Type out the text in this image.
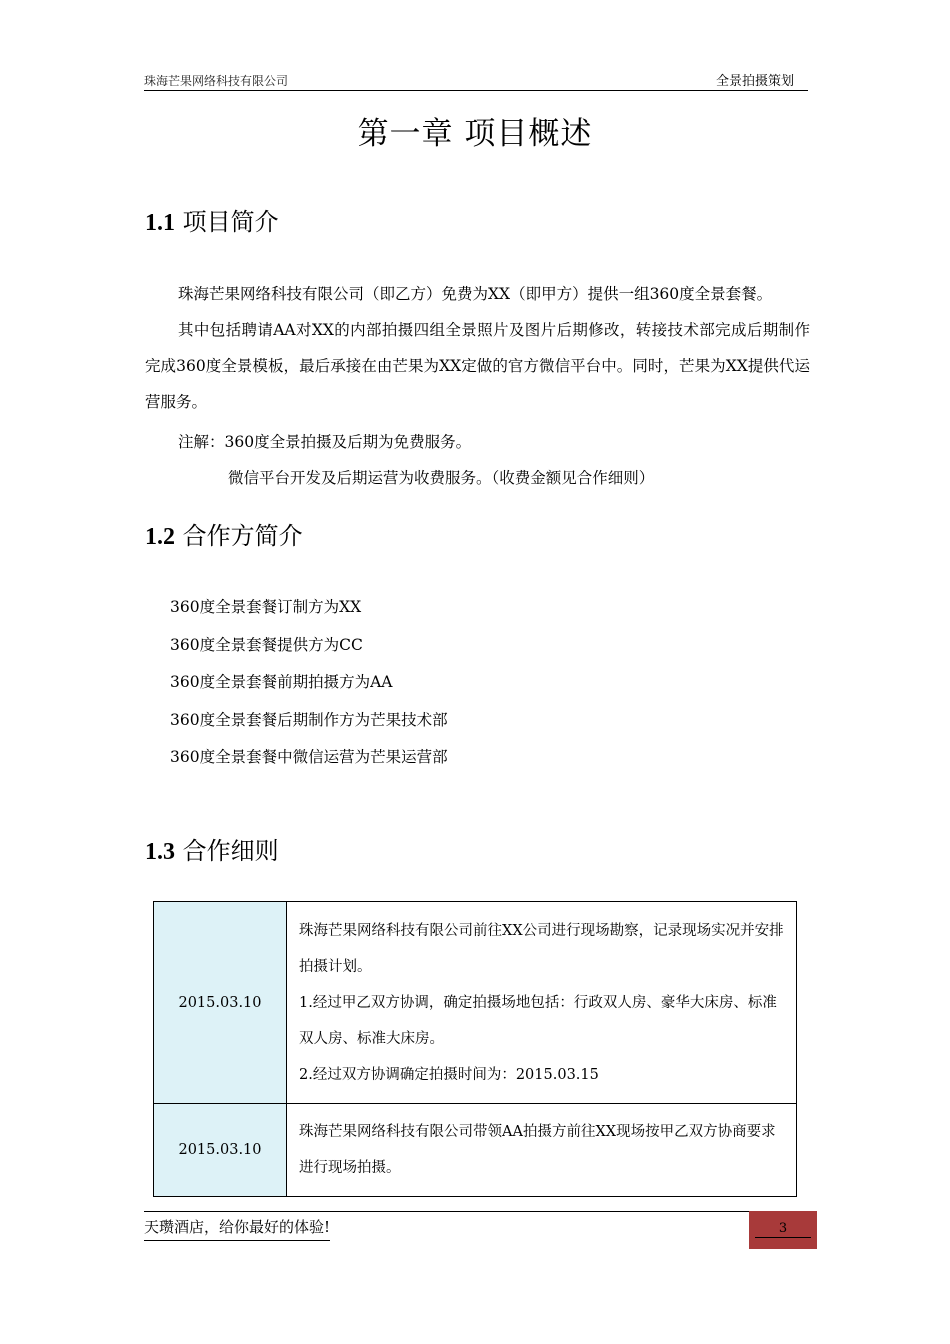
珠海芒果网络科技有限公司	全景拍摄策划
第一章 项目概述
1.1 项目简介
珠海芒果网络科技有限公司（即乙方）免费为XX（即甲方）提供一组360度全景套餐。
其中包括聘请AA对XX的内部拍摄四组全景照片及图片后期修改，转接技术部完成后期制作完成360度全景模板，最后承接在由芒果为XX定做的官方微信平台中。同时，芒果为XX提供代运营服务。
注解：360度全景拍摄及后期为免费服务。
微信平台开发及后期运营为收费服务。（收费金额见合作细则）
1.2 合作方简介
360度全景套餐订制方为XX
360度全景套餐提供方为CC
360度全景套餐前期拍摄方为AA
360度全景套餐后期制作方为芒果技术部
360度全景套餐中微信运营为芒果运营部
1.3 合作细则
2015.03.10	珠海芒果网络科技有限公司前往XX公司进行现场勘察，记录现场实况并安排拍摄计划。
1.经过甲乙双方协调，确定拍摄场地包括：行政双人房、豪华大床房、标准双人房、标准大床房。
2.经过双方协调确定拍摄时间为：2015.03.15

2015.03.10	珠海芒果网络科技有限公司带领AA拍摄方前往XX现场按甲乙双方协商要求进行现场拍摄。
天瓒酒店，给你最好的体验!	3
